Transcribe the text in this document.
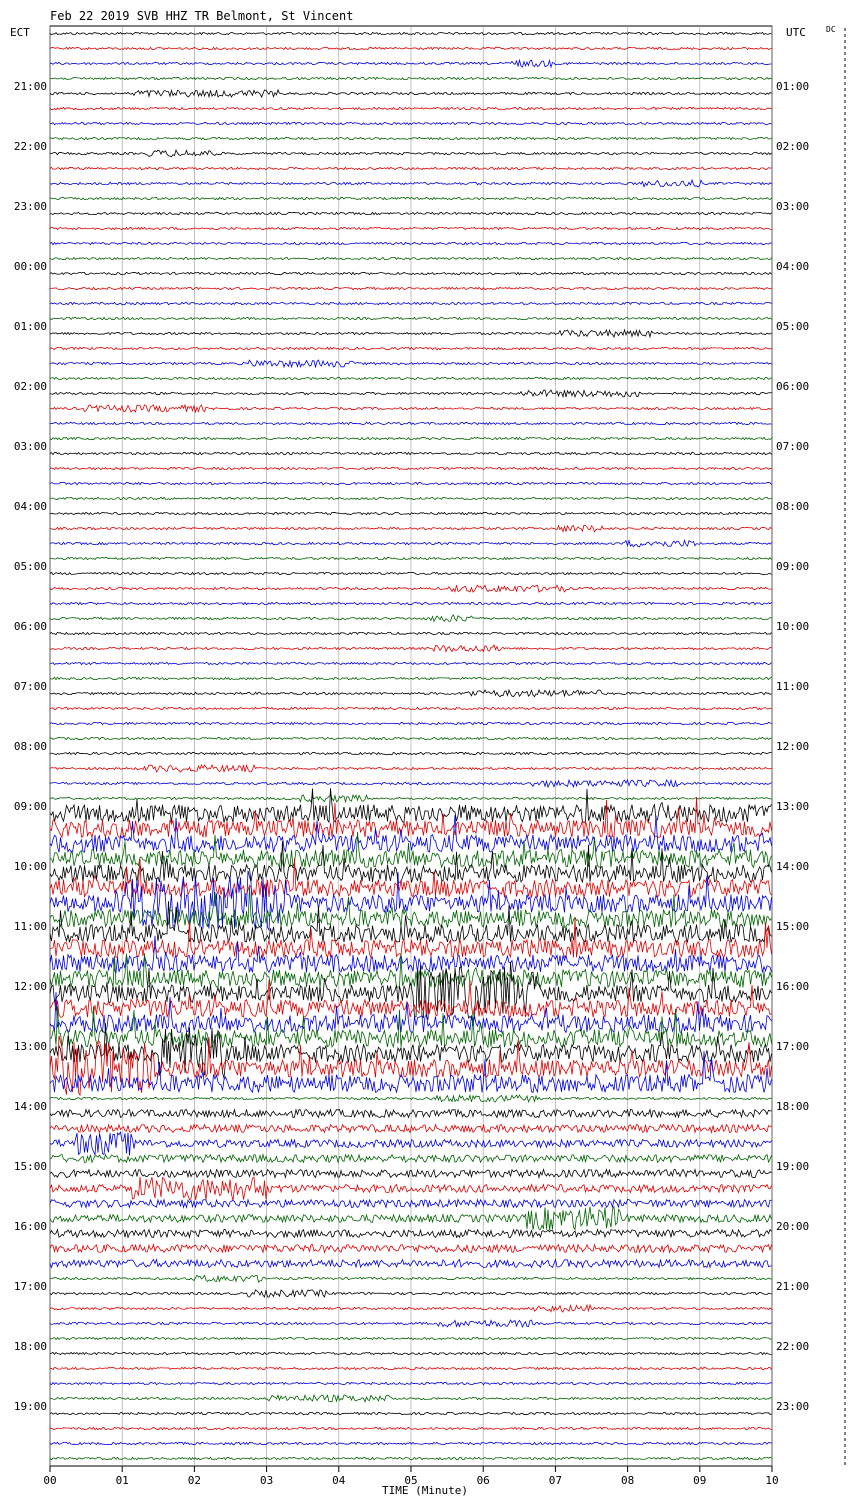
Feb 22 2019 SVB HHZ TR Belmont, St Vincent
ECT	UTC	DC
21:00
22:00
23:00
00:00
01:00
02:00
03:00
04:00
05:00
06:00
07:00
08:00
09:00
10:00
11:00
12:00
13:00
14:00
15:00
16:00
17:00
18:00
19:00
01:00
02:00
03:00
04:00
05:00
06:00
07:00
08:00
09:00
10:00
11:00
12:00
13:00
14:00
15:00
16:00
17:00
18:00
19:00
20:00
21:00
22:00
23:00
00	01	02	03	04	05	06	07	08	09	10
TIME (Minute)
